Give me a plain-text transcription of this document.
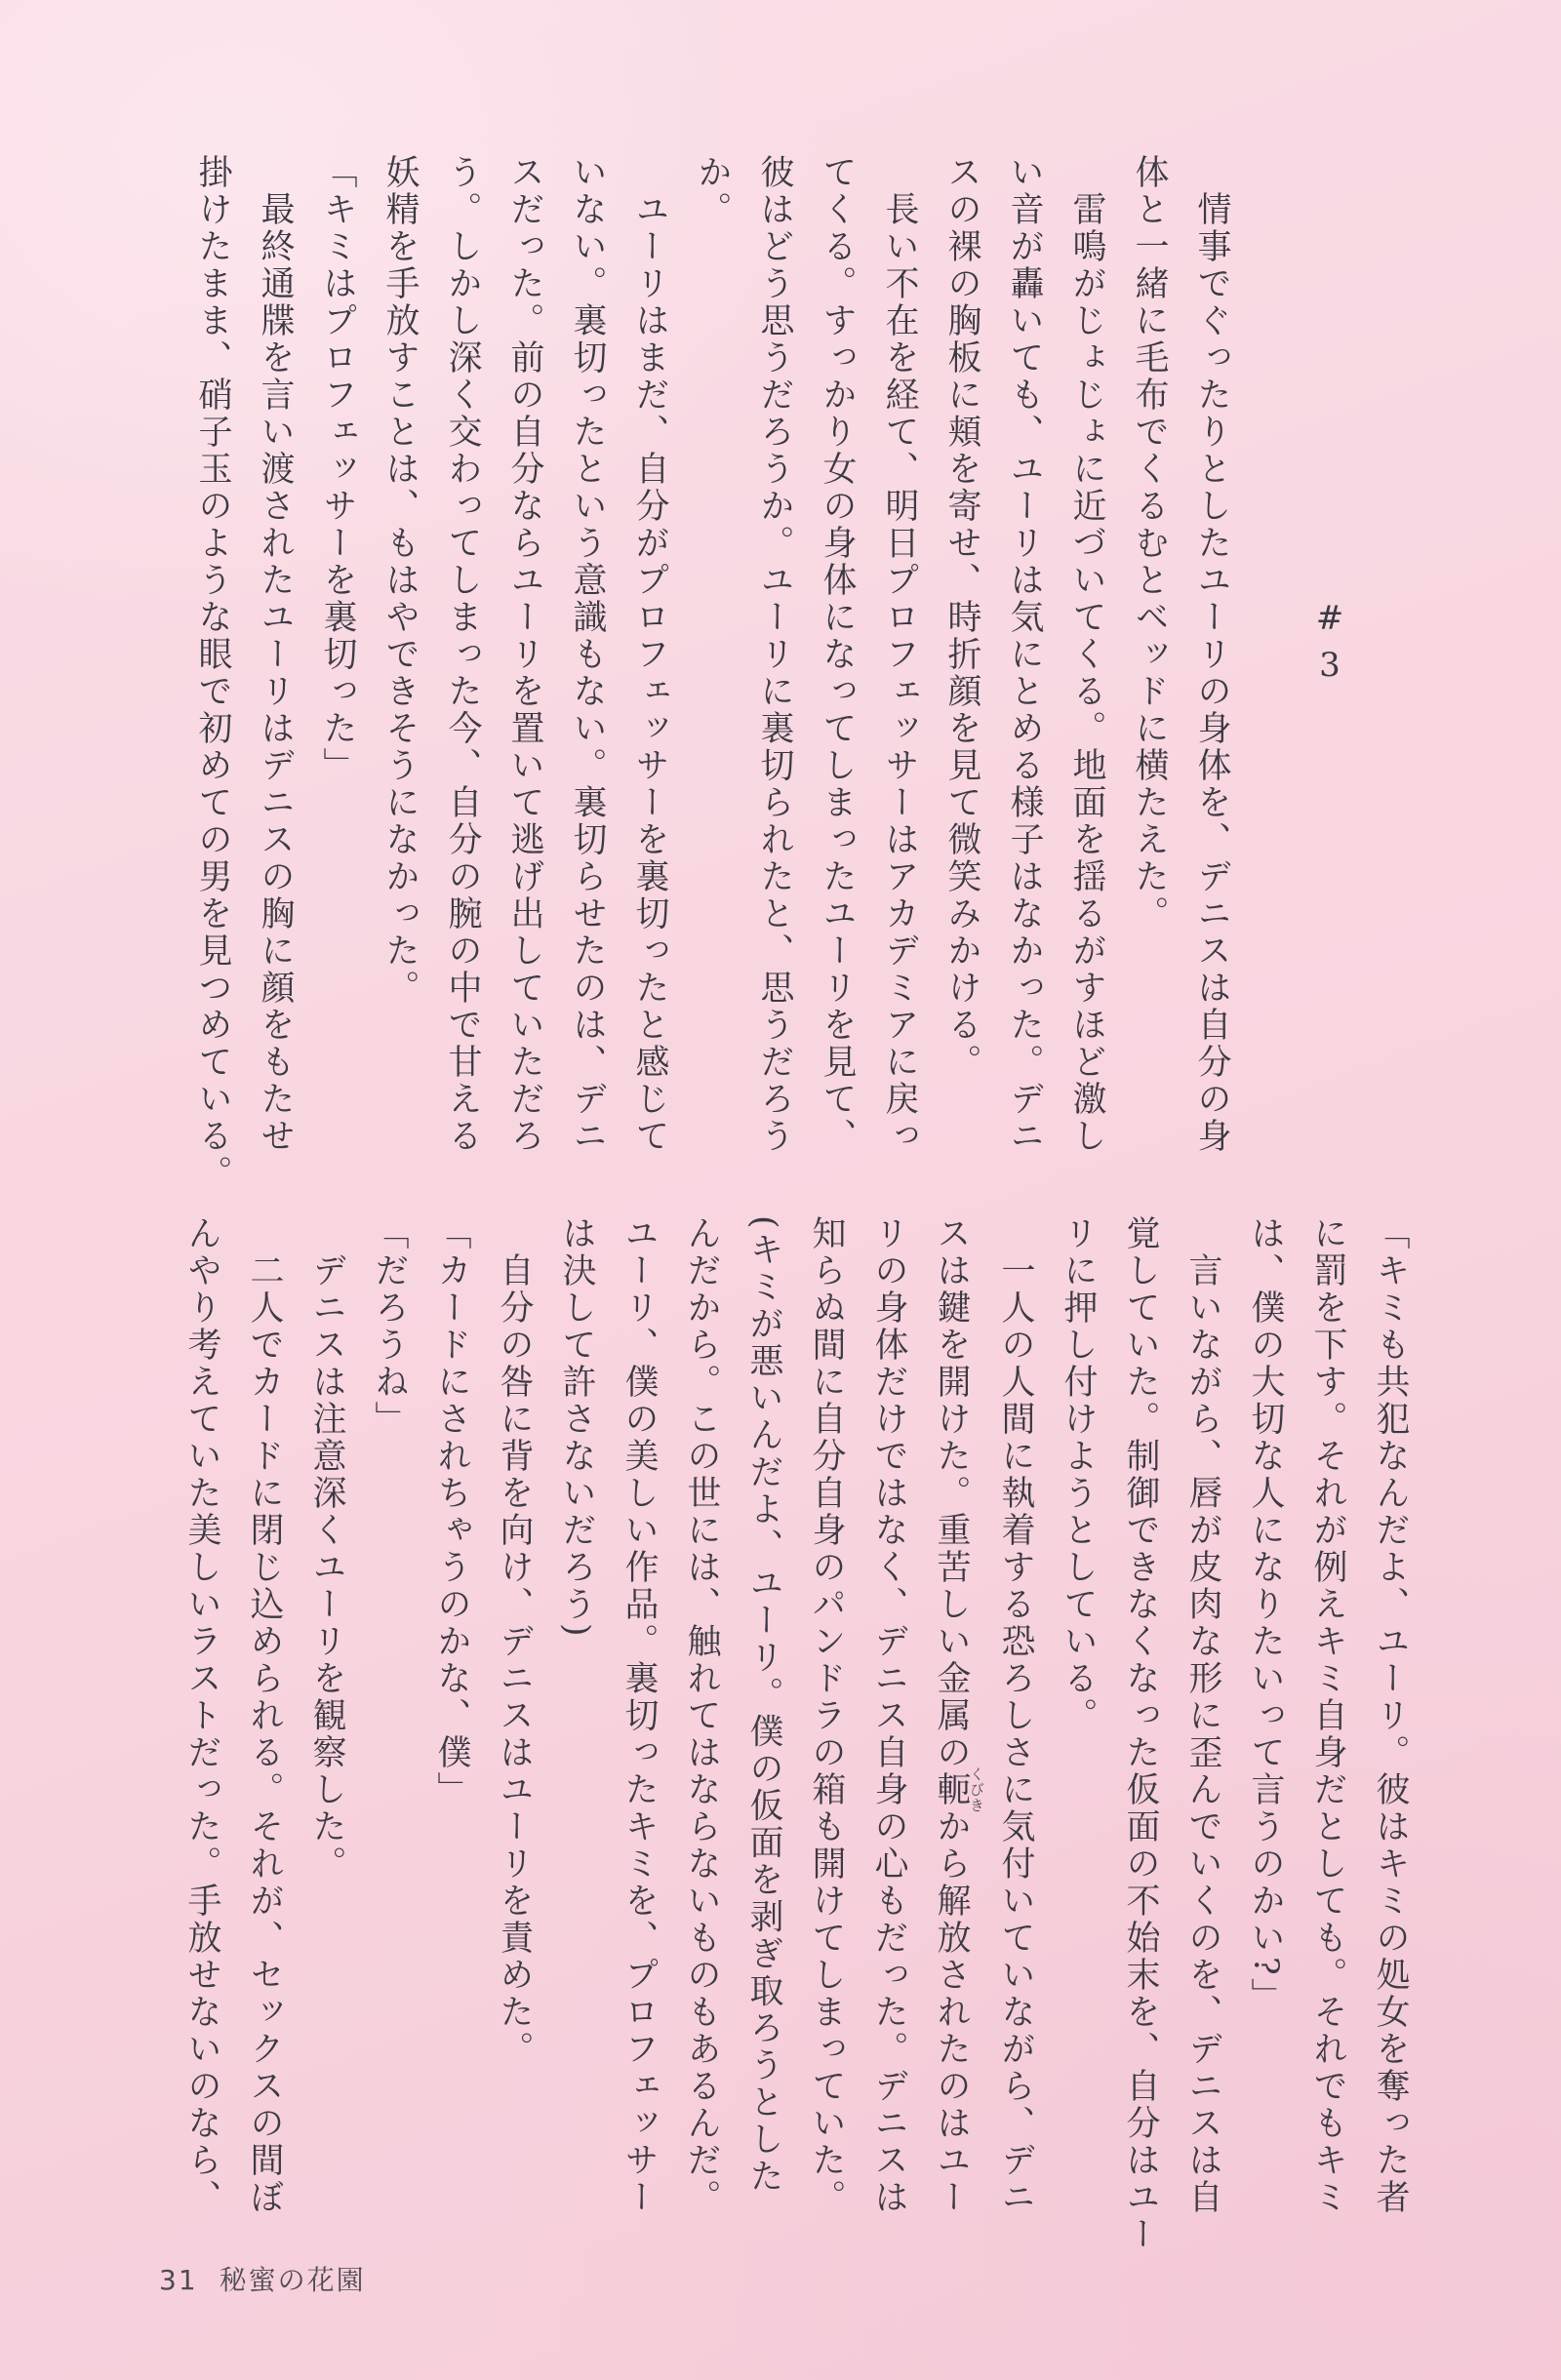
#3
　情事でぐったりとしたユーリの身体を、デニスは自分の身
体と一緒に毛布でくるむとベッドに横たえた。
　雷鳴がじょじょに近づいてくる。地面を揺るがすほど激し
い音が轟いても、ユーリは気にとめる様子はなかった。デニ
スの裸の胸板に頬を寄せ、時折顔を見て微笑みかける。
　長い不在を経て、明日プロフェッサーはアカデミアに戻っ
てくる。すっかり女の身体になってしまったユーリを見て、
彼はどう思うだろうか。ユーリに裏切られたと、思うだろう
か。
　ユーリはまだ、自分がプロフェッサーを裏切ったと感じて
いない。裏切ったという意識もない。裏切らせたのは、デニ
スだった。前の自分ならユーリを置いて逃げ出していただろ
う。しかし深く交わってしまった今、自分の腕の中で甘える
妖精を手放すことは、もはやできそうになかった。
「キミはプロフェッサーを裏切った」
　最終通牒を言い渡されたユーリはデニスの胸に顔をもたせ
掛けたまま、硝子玉のような眼で初めての男を見つめている。
「キミも共犯なんだよ、ユーリ。彼はキミの処女を奪った者
に罰を下す。それが例えキミ自身だとしても。それでもキミ
は、僕の大切な人になりたいって言うのかい?」
　言いながら、唇が皮肉な形に歪んでいくのを、デニスは自
覚していた。制御できなくなった仮面の不始末を、自分はユー
リに押し付けようとしている。
　一人の人間に執着する恐ろしさに気付いていながら、デニ
スは鍵を開けた。重苦しい金属の軛くびきから解放されたのはユー
リの身体だけではなく、デニス自身の心もだった。デニスは
知らぬ間に自分自身のパンドラの箱も開けてしまっていた。
(キミが悪いんだよ、ユーリ。僕の仮面を剥ぎ取ろうとした
んだから。この世には、触れてはならないものもあるんだ。
ユーリ、僕の美しい作品。裏切ったキミを、プロフェッサー
は決して許さないだろう)
　自分の咎に背を向け、デニスはユーリを責めた。
「カードにされちゃうのかな、僕」
「だろうね」
　デニスは注意深くユーリを観察した。
　二人でカードに閉じ込められる。それが、セックスの間ぼ
んやり考えていた美しいラストだった。手放せないのなら、
31 秘蜜の花園
